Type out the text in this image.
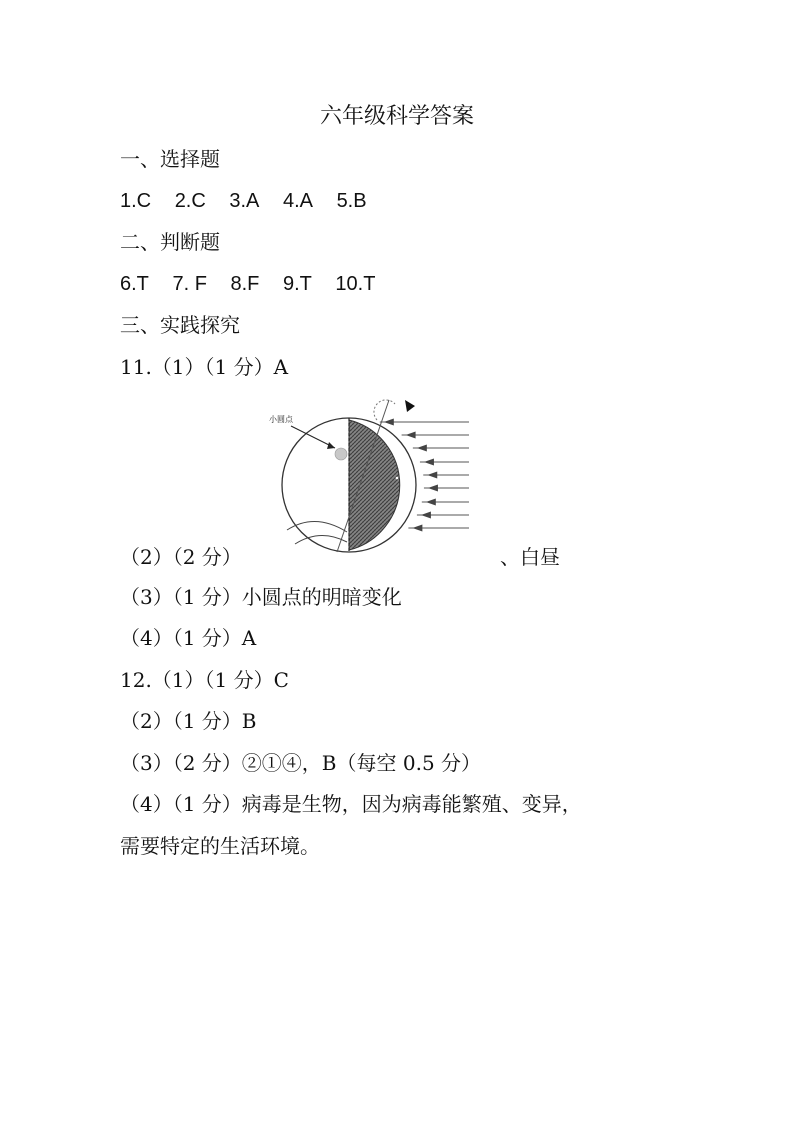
六年级科学答案
一、选择题
1.C 2.C 3.A 4.A 5.B
二、判断题
6.T 7. F 8.F 9.T 10.T
三、实践探究
11.（1）（1 分）A
小圆点
（2）（2 分）	、白昼
（3）（1 分）小圆点的明暗变化
（4）（1 分）A
12.（1）（1 分）C
（2）（1 分）B
（3）（2 分）②①④，B（每空 0.5 分）
（4）（1 分）病毒是生物，因为病毒能繁殖、变异，
需要特定的生活环境。
